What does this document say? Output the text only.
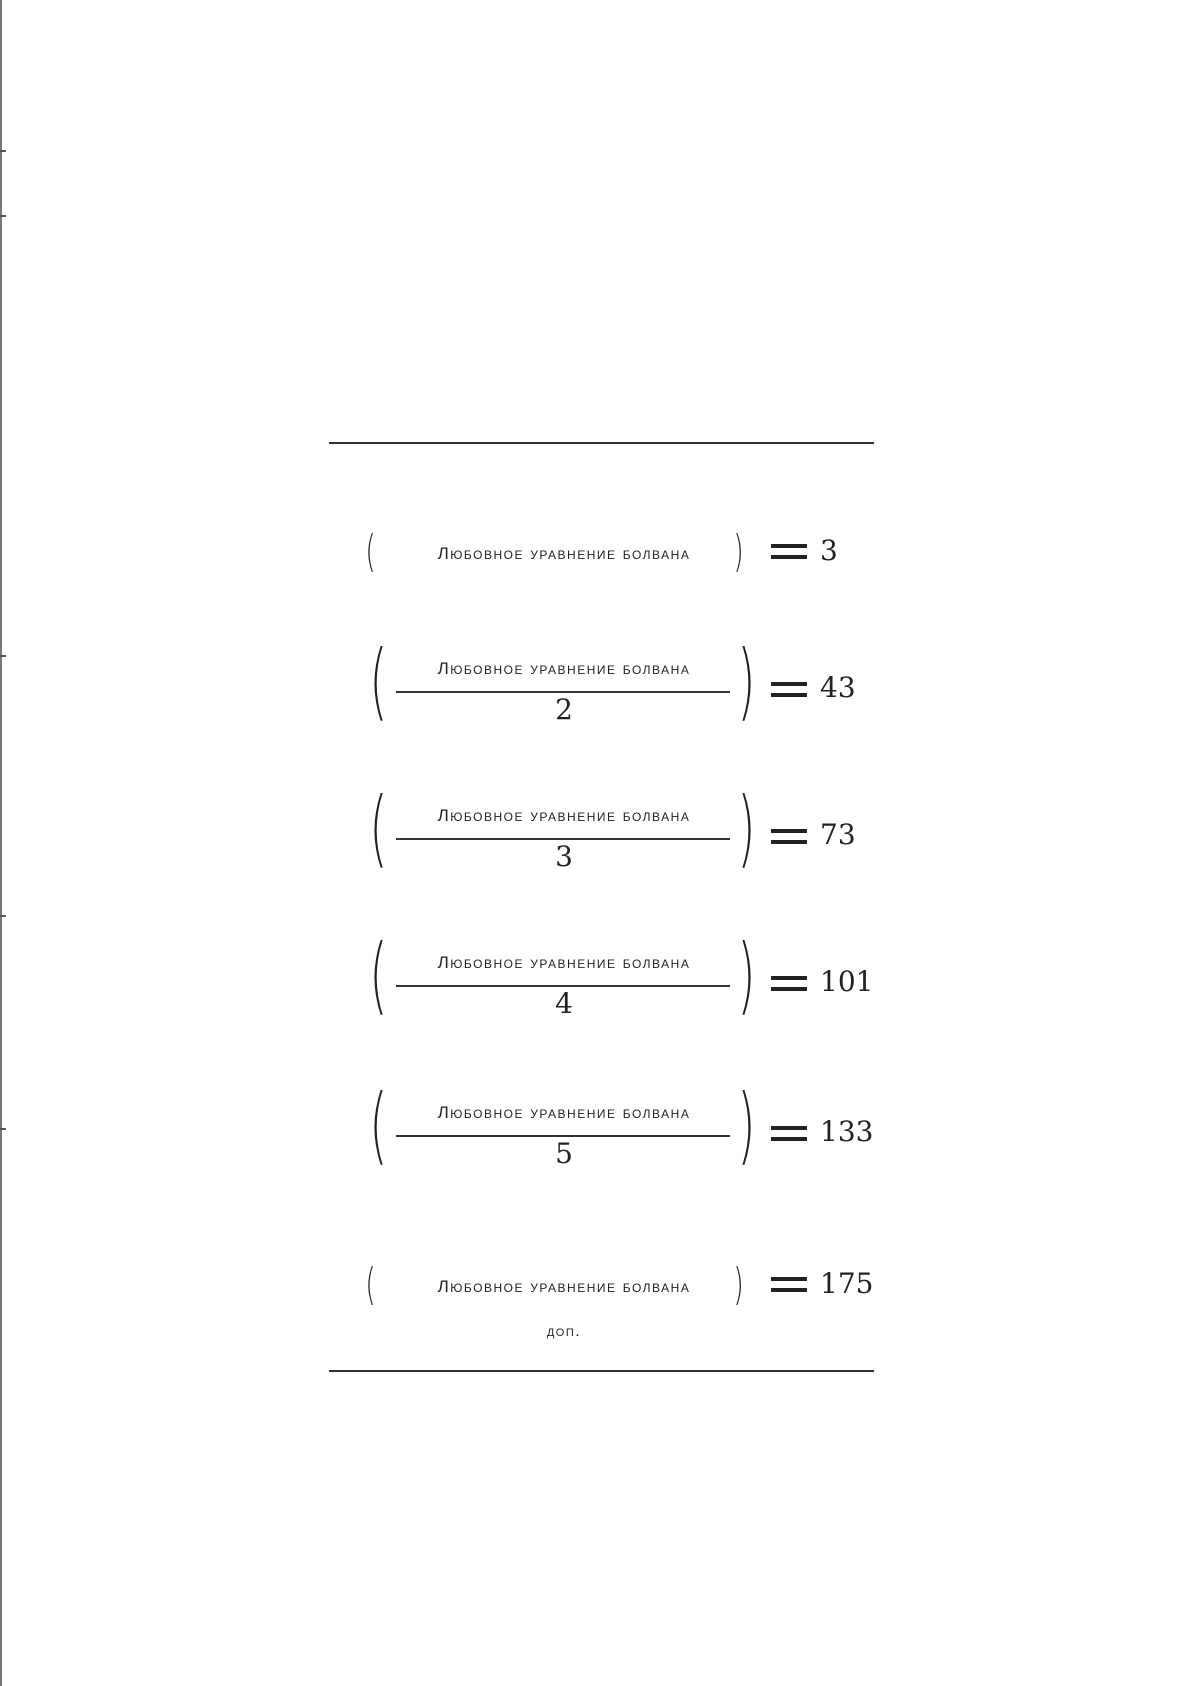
(	Любовное уравнение болвана )	3
(	Любовное уравнение болвана
2	) 43
(	Любовное уравнение болвана
3	) 73
(	Любовное уравнение болвана
4	) 101
(	Любовное уравнение болвана
5	) 133
(	Любовное уравнение болвана
доп.
)	175
